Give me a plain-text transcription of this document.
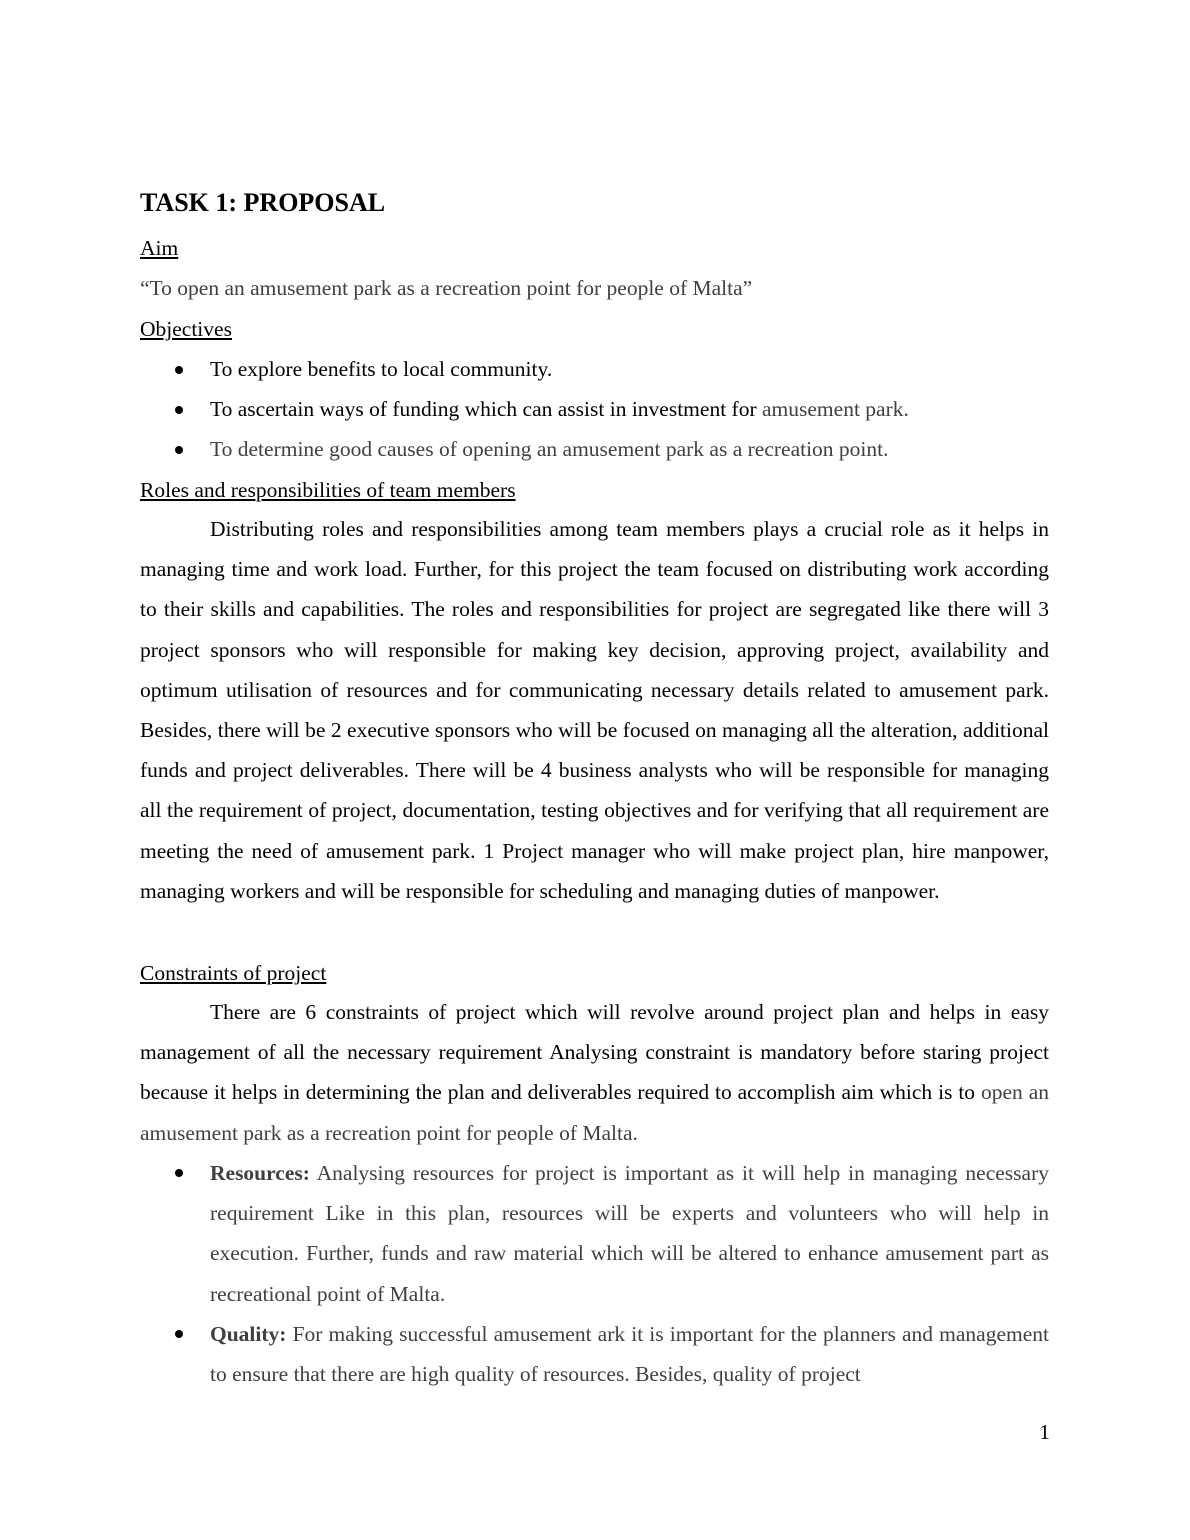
TASK 1: PROPOSAL
Aim

“To open an amusement park as a recreation point for people of Malta”

Objectives
To explore benefits to local community.
To ascertain ways of funding which can assist in investment for amusement park.
To determine good causes of opening an amusement park as a recreation point.
Roles and responsibilities of team members

Distributing roles and responsibilities among team members plays a crucial role as it helps in managing time and work load. Further, for this project the team focused on distributing work according to their skills and capabilities. The roles and responsibilities for project are segregated like there will 3 project sponsors who will responsible for making key decision, approving project, availability and optimum utilisation of resources and for communicating necessary details related to amusement park. Besides, there will be 2 executive sponsors who will be focused on managing all the alteration, additional funds and project deliverables. There will be 4 business analysts who will be responsible for managing all the requirement of project, documentation, testing objectives and for verifying that all requirement are meeting the need of amusement park. 1 Project manager who will make project plan, hire manpower, managing workers and will be responsible for scheduling and managing duties of manpower.

Constraints of project

There are 6 constraints of project which will revolve around project plan and helps in easy management of all the necessary requirement Analysing constraint is mandatory before staring project because it helps in determining the plan and deliverables required to accomplish aim which is to open an amusement park as a recreation point for people of Malta.

Resources: Analysing resources for project is important as it will help in managing necessary requirement Like in this plan, resources will be experts and volunteers who will help in execution. Further, funds and raw material which will be altered to enhance amusement part as recreational point of Malta.
Quality: For making successful amusement ark it is important for the planners and management to ensure that there are high quality of resources. Besides, quality of project

1
